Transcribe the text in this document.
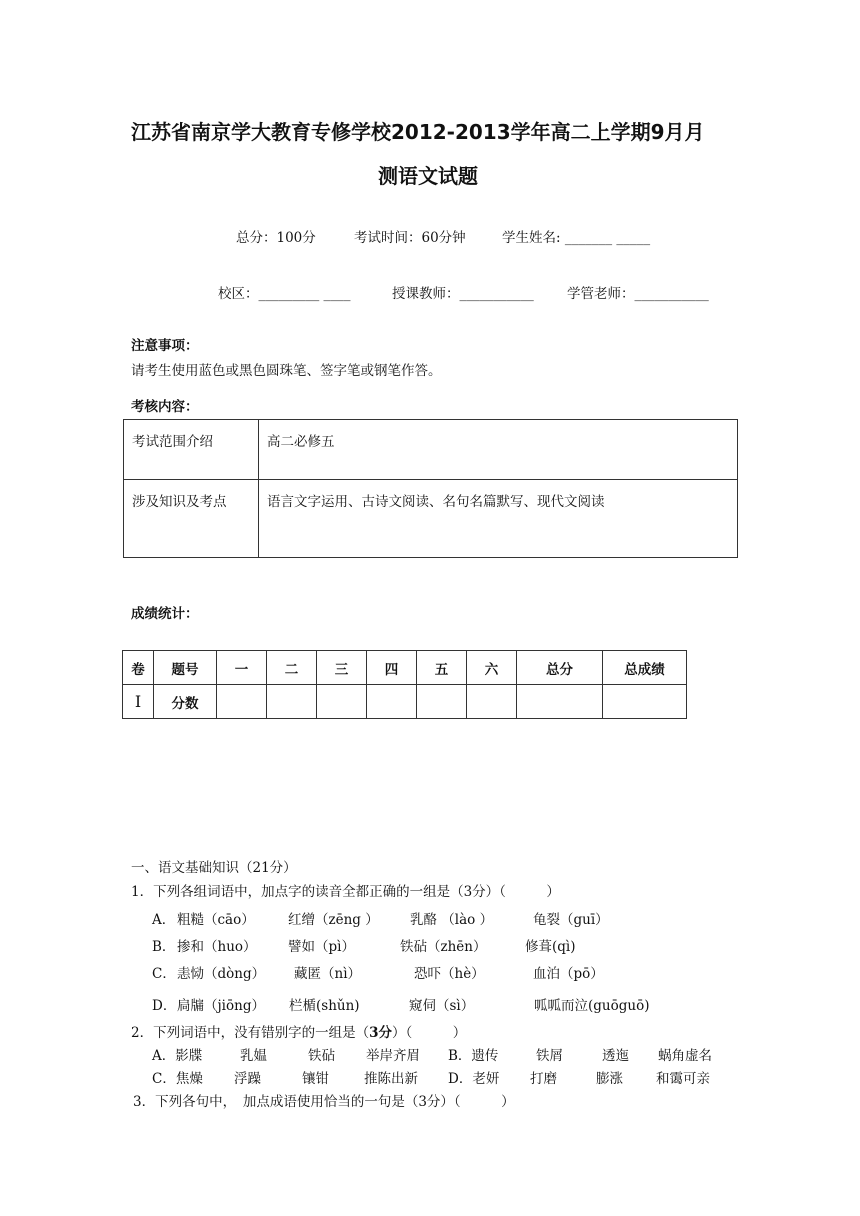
江苏省南京学大教育专修学校2012-2013学年高二上学期9月月
测语文试题
总分：100分	考试时间：60分钟	学生姓名: _______ _____
校区：_________ ____	授课教师：___________ 学管老师：___________
注意事项：
请考生使用蓝色或黑色圆珠笔、签字笔或钢笔作答。
考核内容：
考试范围介绍	高二必修五
涉及知识及考点	语言文字运用、古诗文阅读、名句名篇默写、现代文阅读
成绩统计：
卷	题号	一	二	三	四	五	六	总分	总成绩
Ⅰ	分数								
一、语文基础知识（21分）
1．下列各组词语中，加点字的读音全都正确的一组是（3分）（　　　）
A． 粗糙（cāo） 红缯（zēng ） 乳酪 （lào ）	龟裂（guī）
B． 掺和（huo） 譬如（pì）	铁砧（zhēn）	修葺(qì)
C．恚恸（dòng） 藏匿（nì）	恐吓（hè）	血泊（pō）
D．扃牖（jiōng） 栏楯(shǔn)	窥伺（sì）	呱呱而泣(guōguō)
2．下列词语中，没有错别字的一组是（3分）（　　　）
A．影牒	乳媪	铁砧 举岸齐眉 B．遗传	铁屑	透迤 蜗角虚名
C．焦燥 浮躁	镶钳	推陈出新 D．老妍 打磨	膨涨 和霭可亲
3．下列各句中，　加点成语使用恰当的一句是（3分）（　　　）
